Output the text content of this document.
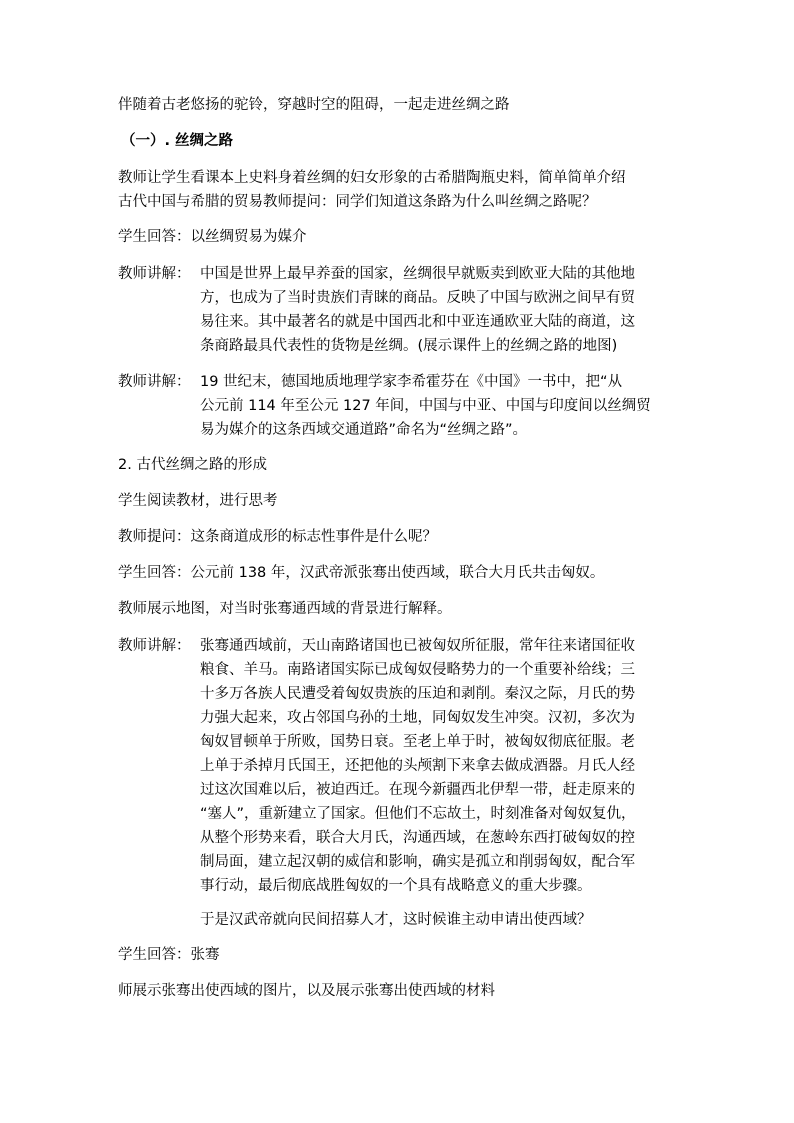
伴随着古老悠扬的驼铃，穿越时空的阻碍，一起走进丝绸之路
（一）. 丝绸之路
教师让学生看课本上史料身着丝绸的妇女形象的古希腊陶瓶史料，简单简单介绍
古代中国与希腊的贸易教师提问：同学们知道这条路为什么叫丝绸之路呢？
学生回答：以丝绸贸易为媒介
教师讲解： 中国是世界上最早养蚕的国家，丝绸很早就贩卖到欧亚大陆的其他地
方，也成为了当时贵族们青睐的商品。反映了中国与欧洲之间早有贸
易往来。其中最著名的就是中国西北和中亚连通欧亚大陆的商道，这
条商路最具代表性的货物是丝绸。(展示课件上的丝绸之路的地图)
教师讲解： 19 世纪末，德国地质地理学家李希霍芬在《中国》一书中，把“从
公元前 114 年至公元 127 年间，中国与中亚、中国与印度间以丝绸贸
易为媒介的这条西域交通道路”命名为“丝绸之路”。
2. 古代丝绸之路的形成
学生阅读教材，进行思考
教师提问：这条商道成形的标志性事件是什么呢？
学生回答：公元前 138 年，汉武帝派张骞出使西域，联合大月氏共击匈奴。
教师展示地图，对当时张骞通西域的背景进行解释。
教师讲解： 张骞通西域前，天山南路诸国也已被匈奴所征服，常年往来诸国征收
粮食、羊马。南路诸国实际已成匈奴侵略势力的一个重要补给线；三
十多万各族人民遭受着匈奴贵族的压迫和剥削。秦汉之际，月氏的势
力强大起来，攻占邻国乌孙的土地，同匈奴发生冲突。汉初，多次为
匈奴冒顿单于所败，国势日衰。至老上单于时，被匈奴彻底征服。老
上单于杀掉月氏国王，还把他的头颅割下来拿去做成酒器。月氏人经
过这次国难以后，被迫西迁。在现今新疆西北伊犁一带，赶走原来的
“塞人”，重新建立了国家。但他们不忘故土，时刻准备对匈奴复仇，
从整个形势来看，联合大月氏，沟通西域，在葱岭东西打破匈奴的控
制局面，建立起汉朝的威信和影响，确实是孤立和削弱匈奴，配合军
事行动，最后彻底战胜匈奴的一个具有战略意义的重大步骤。
于是汉武帝就向民间招募人才，这时候谁主动申请出使西域？
学生回答：张骞
师展示张骞出使西域的图片，以及展示张骞出使西域的材料
